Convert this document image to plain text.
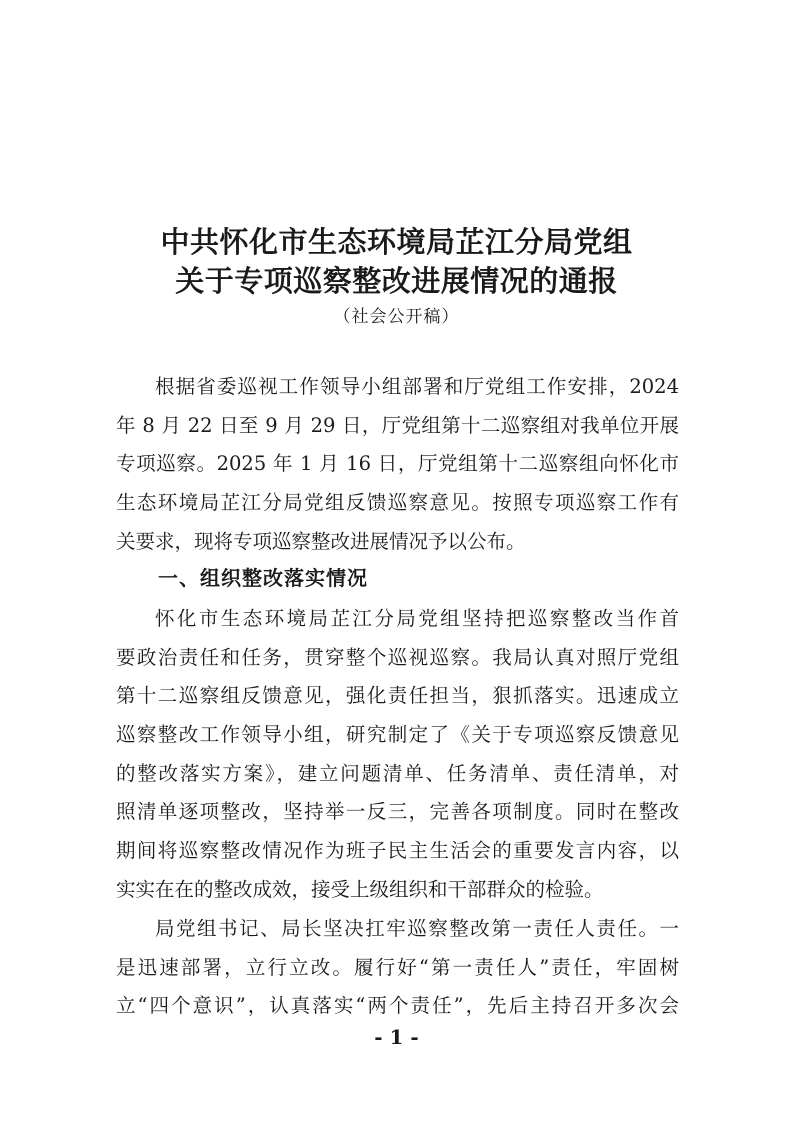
中共怀化市生态环境局芷江分局党组
关于专项巡察整改进展情况的通报
（社会公开稿）
根据省委巡视工作领导小组部署和厅党组工作安排，2024
年 8 月 22 日至 9 月 29 日，厅党组第十二巡察组对我单位开展
专项巡察。2025 年 1 月 16 日，厅党组第十二巡察组向怀化市
生态环境局芷江分局党组反馈巡察意见。按照专项巡察工作有
关要求，现将专项巡察整改进展情况予以公布。
一、组织整改落实情况
怀化市生态环境局芷江分局党组坚持把巡察整改当作首
要政治责任和任务，贯穿整个巡视巡察。我局认真对照厅党组
第十二巡察组反馈意见，强化责任担当，狠抓落实。迅速成立
巡察整改工作领导小组，研究制定了《关于专项巡察反馈意见
的整改落实方案》，建立问题清单、任务清单、责任清单，对
照清单逐项整改，坚持举一反三，完善各项制度。同时在整改
期间将巡察整改情况作为班子民主生活会的重要发言内容，以
实实在在的整改成效，接受上级组织和干部群众的检验。
局党组书记、局长坚决扛牢巡察整改第一责任人责任。一
是迅速部署，立行立改。履行好“第一责任人”责任，牢固树
立“四个意识”，认真落实“两个责任”，先后主持召开多次会
- 1 -
